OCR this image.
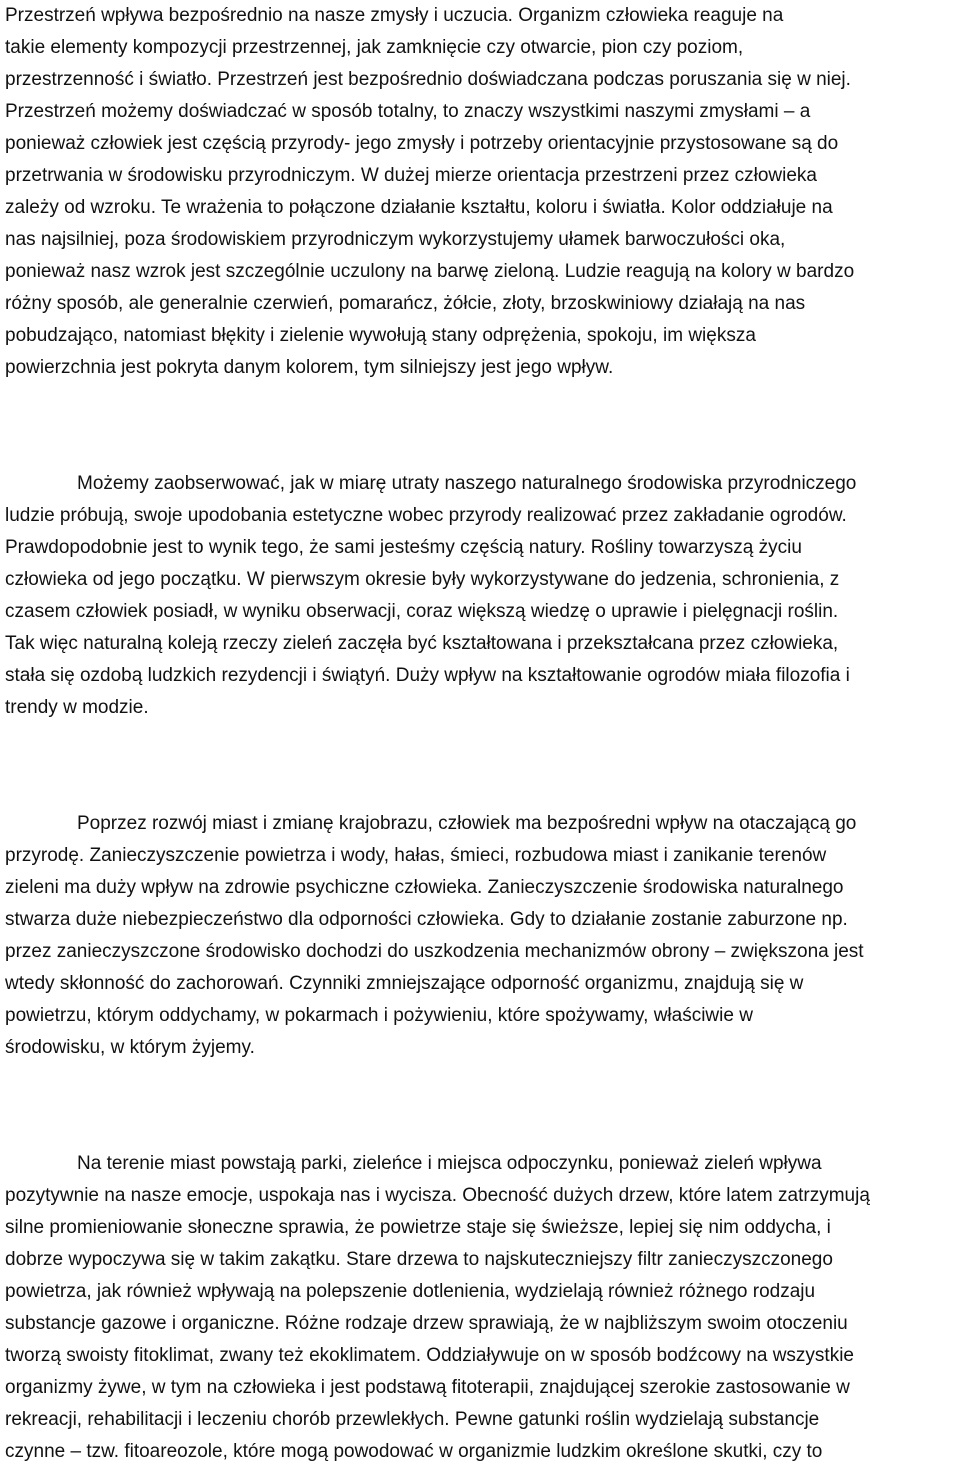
Przestrzeń wpływa bezpośrednio na nasze zmysły i uczucia. Organizm człowieka reaguje na
takie elementy kompozycji przestrzennej, jak zamknięcie czy otwarcie, pion czy poziom,
przestrzenność i światło. Przestrzeń jest bezpośrednio doświadczana podczas poruszania się w niej.
Przestrzeń możemy doświadczać w sposób totalny, to znaczy wszystkimi naszymi zmysłami – a
ponieważ człowiek jest częścią przyrody- jego zmysły i potrzeby orientacyjnie przystosowane są do
przetrwania w środowisku przyrodniczym. W dużej mierze orientacja przestrzeni przez człowieka
zależy od wzroku. Te wrażenia to połączone działanie kształtu, koloru i światła. Kolor oddziałuje na
nas najsilniej, poza środowiskiem przyrodniczym wykorzystujemy ułamek barwoczułości oka,
ponieważ nasz wzrok jest szczególnie uczulony na barwę zieloną. Ludzie reagują na kolory w bardzo
różny sposób, ale generalnie czerwień, pomarańcz, żółcie, złoty, brzoskwiniowy działają na nas
pobudzająco, natomiast błękity i zielenie wywołują stany odprężenia, spokoju, im większa
powierzchnia jest pokryta danym kolorem, tym silniejszy jest jego wpływ.
Możemy zaobserwować, jak w miarę utraty naszego naturalnego środowiska przyrodniczego
ludzie próbują, swoje upodobania estetyczne wobec przyrody realizować przez zakładanie ogrodów.
Prawdopodobnie jest to wynik tego, że sami jesteśmy częścią natury. Rośliny towarzyszą życiu
człowieka od jego początku. W pierwszym okresie były wykorzystywane do jedzenia, schronienia, z
czasem człowiek posiadł, w wyniku obserwacji, coraz większą wiedzę o uprawie i pielęgnacji roślin.
Tak więc naturalną koleją rzeczy zieleń zaczęła być kształtowana i przekształcana przez człowieka,
stała się ozdobą ludzkich rezydencji i świątyń. Duży wpływ na kształtowanie ogrodów miała filozofia i
trendy w modzie.
Poprzez rozwój miast i zmianę krajobrazu, człowiek ma bezpośredni wpływ na otaczającą go
przyrodę. Zanieczyszczenie powietrza i wody, hałas, śmieci, rozbudowa miast i zanikanie terenów
zieleni ma duży wpływ na zdrowie psychiczne człowieka. Zanieczyszczenie środowiska naturalnego
stwarza duże niebezpieczeństwo dla odporności człowieka. Gdy to działanie zostanie zaburzone np.
przez zanieczyszczone środowisko dochodzi do uszkodzenia mechanizmów obrony – zwiększona jest
wtedy skłonność do zachorowań. Czynniki zmniejszające odporność organizmu, znajdują się w
powietrzu, którym oddychamy, w pokarmach i pożywieniu, które spożywamy, właściwie w
środowisku, w którym żyjemy.
Na terenie miast powstają parki, zieleńce i miejsca odpoczynku, ponieważ zieleń wpływa
pozytywnie na nasze emocje, uspokaja nas i wycisza. Obecność dużych drzew, które latem zatrzymują
silne promieniowanie słoneczne sprawia, że powietrze staje się świeższe, lepiej się nim oddycha, i
dobrze wypoczywa się w takim zakątku. Stare drzewa to najskuteczniejszy filtr zanieczyszczonego
powietrza, jak również wpływają na polepszenie dotlenienia, wydzielają również różnego rodzaju
substancje gazowe i organiczne. Różne rodzaje drzew sprawiają, że w najbliższym swoim otoczeniu
tworzą swoisty fitoklimat, zwany też ekoklimatem. Oddziaływuje on w sposób bodźcowy na wszystkie
organizmy żywe, w tym na człowieka i jest podstawą fitoterapii, znajdującej szerokie zastosowanie w
rekreacji, rehabilitacji i leczeniu chorób przewlekłych. Pewne gatunki roślin wydzielają substancje
czynne – tzw. fitoareozole, które mogą powodować w organizmie ludzkim określone skutki, czy to
